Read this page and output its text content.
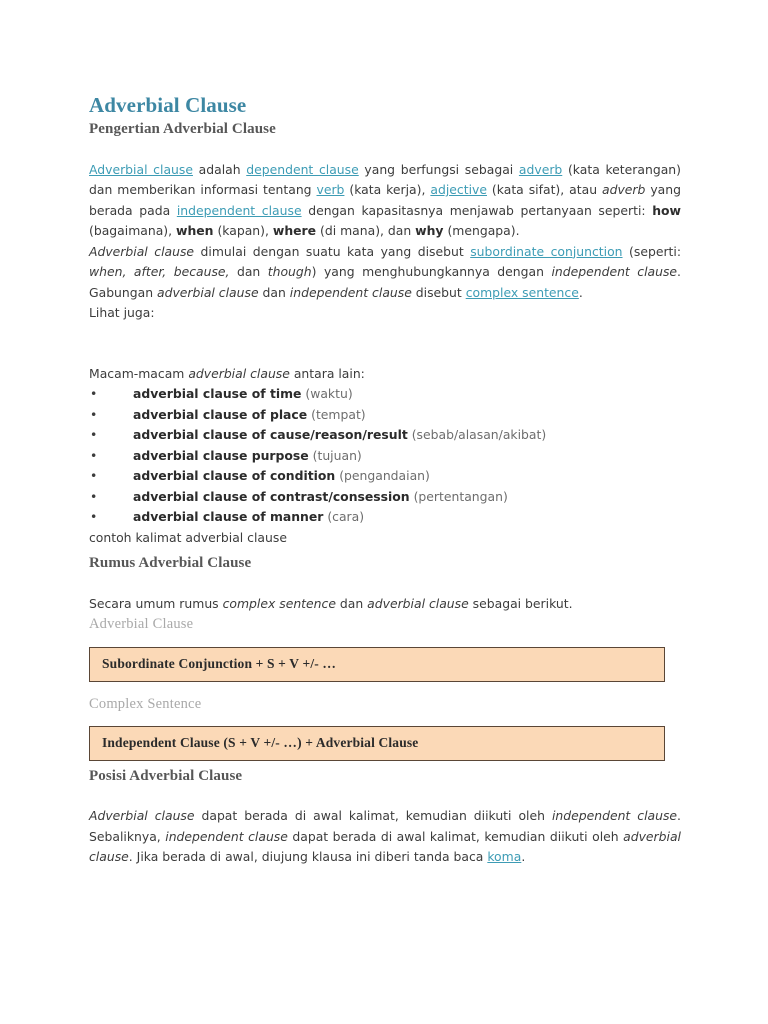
Adverbial Clause
Pengertian Adverbial Clause

Adverbial clause adalah dependent clause yang berfungsi sebagai adverb (kata keterangan) dan memberikan informasi tentang verb (kata kerja), adjective (kata sifat), atau adverb yang berada pada independent clause dengan kapasitasnya menjawab pertanyaan seperti: how (bagaimana), when (kapan), where (di mana), dan why (mengapa).

Adverbial clause dimulai dengan suatu kata yang disebut subordinate conjunction (seperti: when, after, because, dan though) yang menghubungkannya dengan independent clause. Gabungan adverbial clause dan independent clause disebut complex sentence.

Lihat juga:

Macam-macam adverbial clause antara lain:

•	adverbial clause of time (waktu)
•	adverbial clause of place (tempat)
•	adverbial clause of cause/reason/result (sebab/alasan/akibat)
•	adverbial clause purpose (tujuan)
•	adverbial clause of condition (pengandaian)
•	adverbial clause of contrast/consession (pertentangan)
•	adverbial clause of manner (cara)

contoh kalimat adverbial clause

Rumus Adverbial Clause

Secara umum rumus complex sentence dan adverbial clause sebagai berikut.

Adverbial Clause

Subordinate Conjunction + S + V +/- …

Complex Sentence

Independent Clause (S + V +/- …) + Adverbial Clause
Posisi Adverbial Clause

Adverbial clause dapat berada di awal kalimat, kemudian diikuti oleh independent clause. Sebaliknya, independent clause dapat berada di awal kalimat, kemudian diikuti oleh adverbial clause. Jika berada di awal, diujung klausa ini diberi tanda baca koma.
